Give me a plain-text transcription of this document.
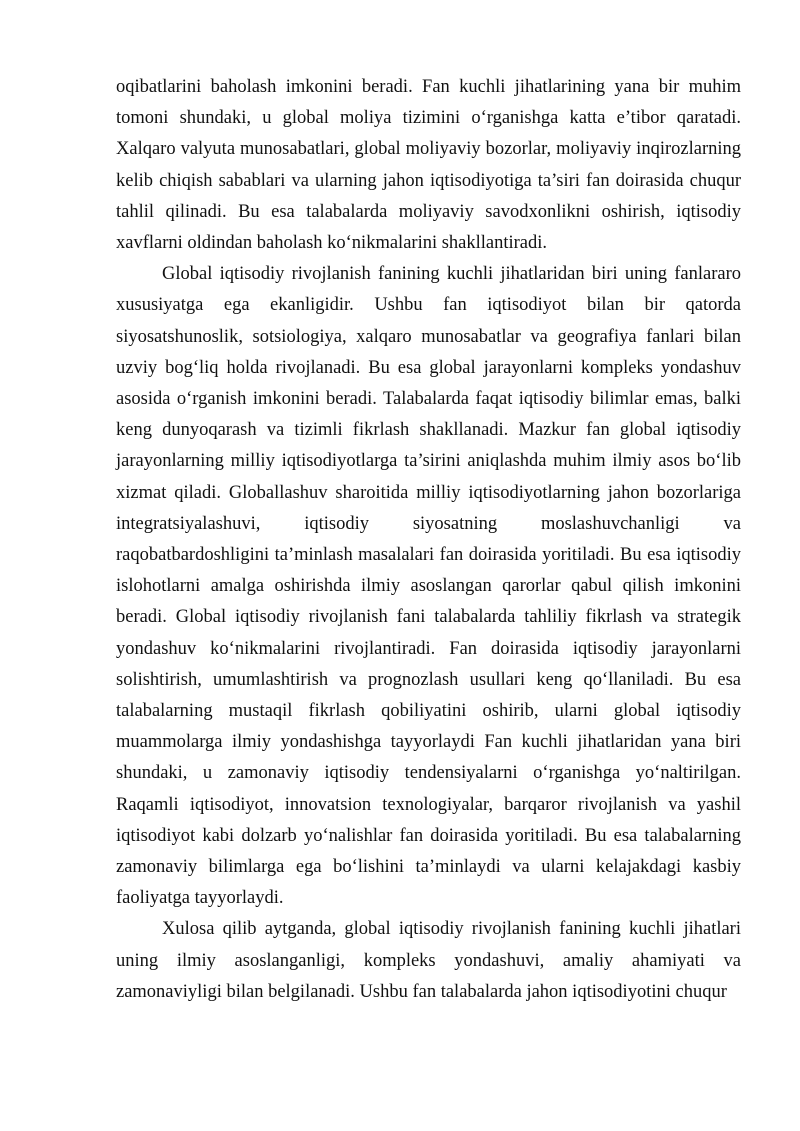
oqibatlarini baholash imkonini beradi. Fan kuchli jihatlarining yana bir muhim tomoni shundaki, u global moliya tizimini o‘rganishga katta e’tibor qaratadi. Xalqaro valyuta munosabatlari, global moliyaviy bozorlar, moliyaviy inqirozlarning kelib chiqish sabablari va ularning jahon iqtisodiyotiga ta’siri fan doirasida chuqur tahlil qilinadi. Bu esa talabalarda moliyaviy savodxonlikni oshirish, iqtisodiy xavflarni oldindan baholash ko‘nikmalarini shakllantiradi.

Global iqtisodiy rivojlanish fanining kuchli jihatlaridan biri uning fanlararo xususiyatga ega ekanligidir. Ushbu fan iqtisodiyot bilan bir qatorda siyosatshunoslik, sotsiologiya, xalqaro munosabatlar va geografiya fanlari bilan uzviy bog‘liq holda rivojlanadi. Bu esa global jarayonlarni kompleks yondashuv asosida o‘rganish imkonini beradi. Talabalarda faqat iqtisodiy bilimlar emas, balki keng dunyoqarash va tizimli fikrlash shakllanadi. Mazkur fan global iqtisodiy jarayonlarning milliy iqtisodiyotlarga ta’sirini aniqlashda muhim ilmiy asos bo‘lib xizmat qiladi. Globallashuv sharoitida milliy iqtisodiyotlarning jahon bozorlariga integratsiyalashuvi, iqtisodiy siyosatning moslashuvchanligi va raqobatbardoshligini ta’minlash masalalari fan doirasida yoritiladi. Bu esa iqtisodiy islohotlarni amalga oshirishda ilmiy asoslangan qarorlar qabul qilish imkonini beradi. Global iqtisodiy rivojlanish fani talabalarda tahliliy fikrlash va strategik yondashuv ko‘nikmalarini rivojlantiradi. Fan doirasida iqtisodiy jarayonlarni solishtirish, umumlashtirish va prognozlash usullari keng qo‘llaniladi. Bu esa talabalarning mustaqil fikrlash qobiliyatini oshirib, ularni global iqtisodiy muammolarga ilmiy yondashishga tayyorlaydi Fan kuchli jihatlaridan yana biri shundaki, u zamonaviy iqtisodiy tendensiyalarni o‘rganishga yo‘naltirilgan. Raqamli iqtisodiyot, innovatsion texnologiyalar, barqaror rivojlanish va yashil iqtisodiyot kabi dolzarb yo‘nalishlar fan doirasida yoritiladi. Bu esa talabalarning zamonaviy bilimlarga ega bo‘lishini ta’minlaydi va ularni kelajakdagi kasbiy faoliyatga tayyorlaydi.

Xulosa qilib aytganda, global iqtisodiy rivojlanish fanining kuchli jihatlari uning ilmiy asoslanganligi, kompleks yondashuvi, amaliy ahamiyati va zamonaviyligi bilan belgilanadi. Ushbu fan talabalarda jahon iqtisodiyotini chuqur
